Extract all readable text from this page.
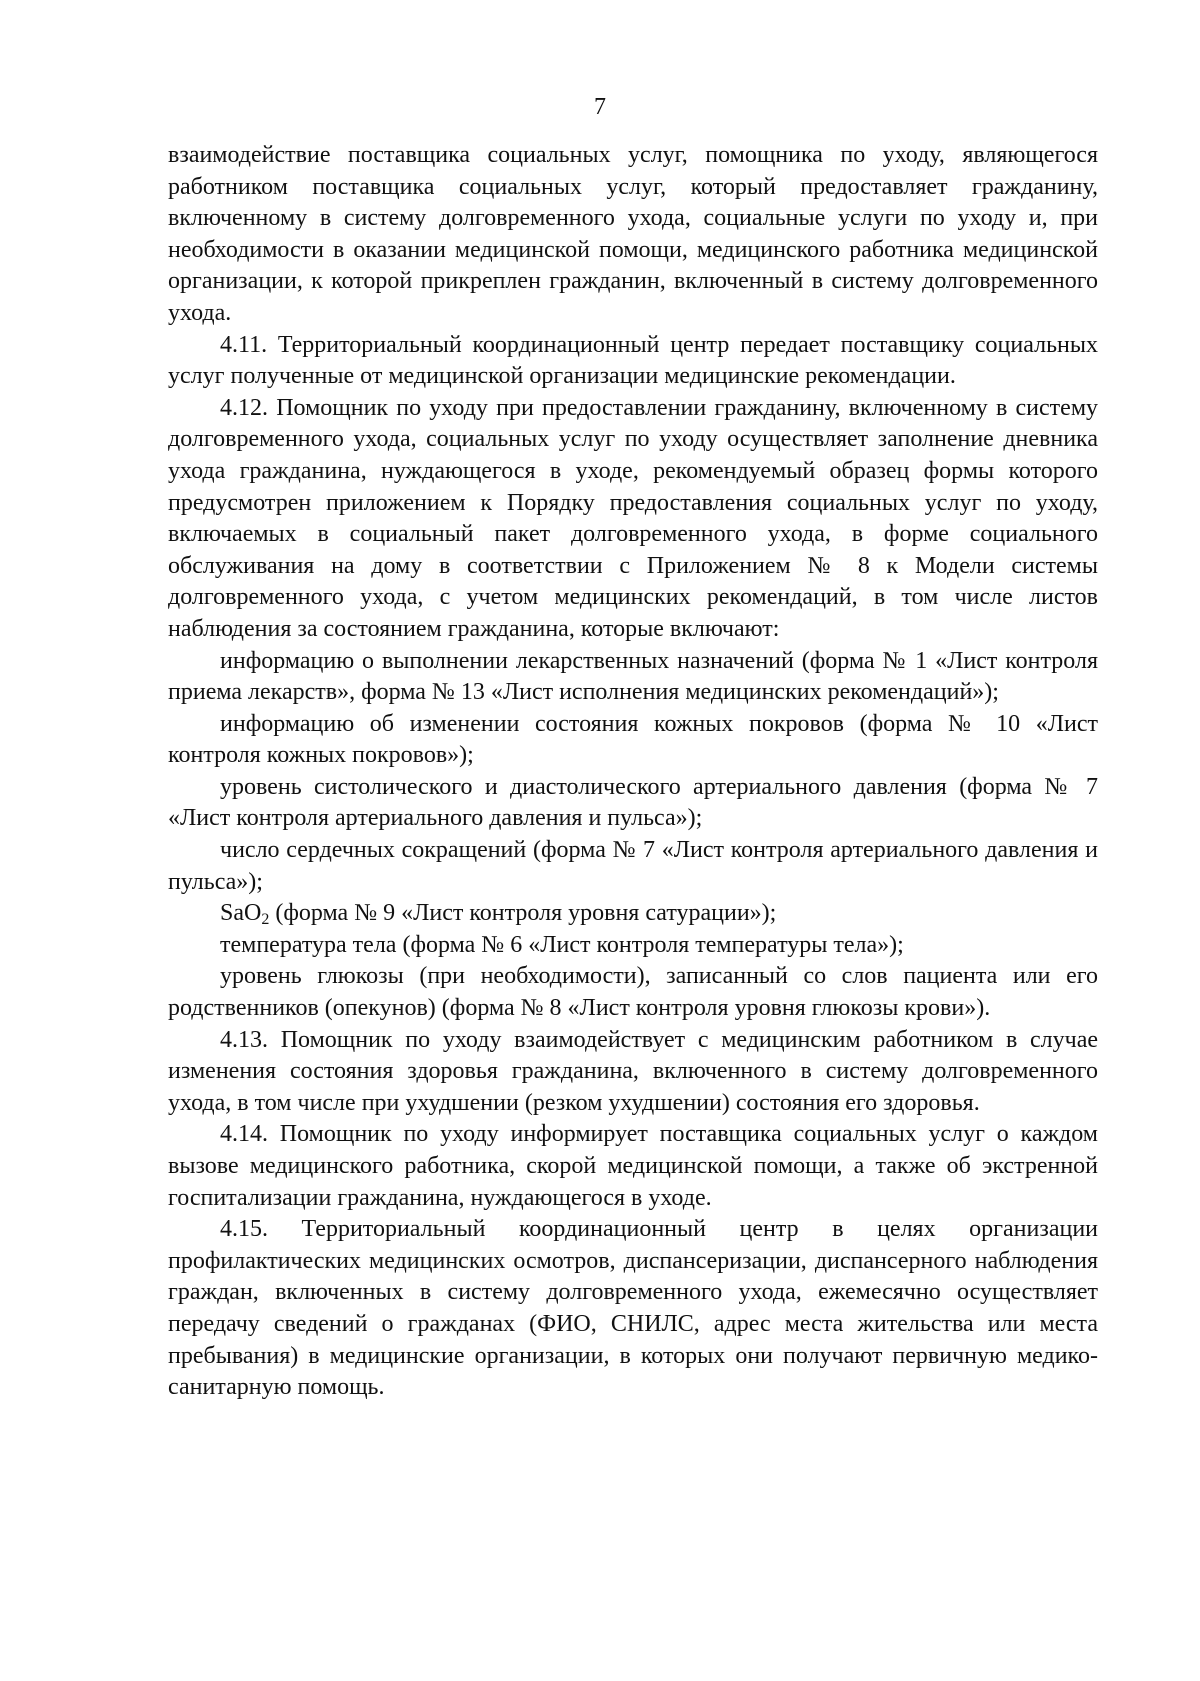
7

взаимодействие поставщика социальных услуг, помощника по уходу, являющегося работником поставщика социальных услуг, который предоставляет гражданину, включенному в систему долговременного ухода, социальные услуги по уходу и, при необходимости в оказании медицинской помощи, медицинского работника медицинской организации, к которой прикреплен гражданин, включенный в систему долговременного ухода.

4.11. Территориальный координационный центр передает поставщику социальных услуг полученные от медицинской организации медицинские рекомендации.

4.12. Помощник по уходу при предоставлении гражданину, включенному в систему долговременного ухода, социальных услуг по уходу осуществляет заполнение дневника ухода гражданина, нуждающегося в уходе, рекомендуемый образец формы которого предусмотрен приложением к Порядку предоставления социальных услуг по уходу, включаемых в социальный пакет долговременного ухода, в форме социального обслуживания на дому в соответствии с Приложением № 8 к Модели системы долговременного ухода, с учетом медицинских рекомендаций, в том числе листов наблюдения за состоянием гражданина, которые включают:

информацию о выполнении лекарственных назначений (форма № 1 «Лист контроля приема лекарств», форма № 13 «Лист исполнения медицинских рекомендаций»);

информацию об изменении состояния кожных покровов (форма № 10 «Лист контроля кожных покровов»);

уровень систолического и диастолического артериального давления (форма № 7 «Лист контроля артериального давления и пульса»);

число сердечных сокращений (форма № 7 «Лист контроля артериального давления и пульса»);

SaO$_2$ (форма № 9 «Лист контроля уровня сатурации»);

температура тела (форма № 6 «Лист контроля температуры тела»);

уровень глюкозы (при необходимости), записанный со слов пациента или его родственников (опекунов) (форма № 8 «Лист контроля уровня глюкозы крови»).

4.13. Помощник по уходу взаимодействует с медицинским работником в случае изменения состояния здоровья гражданина, включенного в систему долговременного ухода, в том числе при ухудшении (резком ухудшении) состояния его здоровья.

4.14. Помощник по уходу информирует поставщика социальных услуг о каждом вызове медицинского работника, скорой медицинской помощи, а также об экстренной госпитализации гражданина, нуждающегося в уходе.

4.15. Территориальный координационный центр в целях организации профилактических медицинских осмотров, диспансеризации, диспансерного наблюдения граждан, включенных в систему долговременного ухода, ежемесячно осуществляет передачу сведений о гражданах (ФИО, СНИЛС, адрес места жительства или места пребывания) в медицинские организации, в которых они получают первичную медико-санитарную помощь.
